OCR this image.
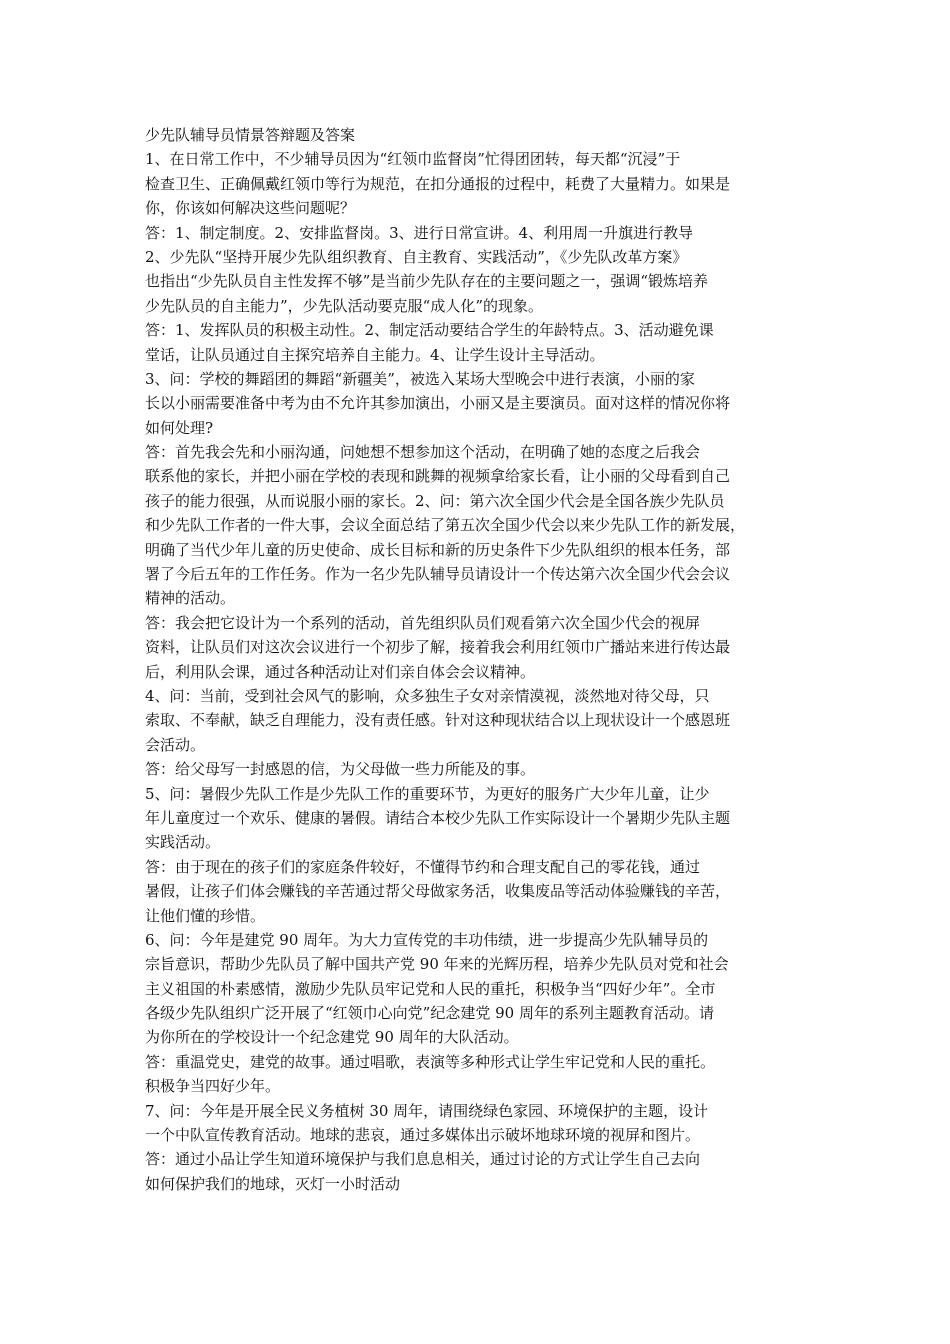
少先队辅导员情景答辩题及答案
1、在日常工作中，不少辅导员因为“红领巾监督岗”忙得团团转，每天都“沉浸”于
检查卫生、正确佩戴红领巾等行为规范，在扣分通报的过程中，耗费了大量精力。如果是
你，你该如何解决这些问题呢？
答：1、制定制度。2、安排监督岗。3、进行日常宣讲。4、利用周一升旗进行教导
2、少先队“坚持开展少先队组织教育、自主教育、实践活动”，《少先队改革方案》
也指出“少先队员自主性发挥不够”是当前少先队存在的主要问题之一，强调“锻炼培养
少先队员的自主能力”，少先队活动要克服“成人化”的现象。
答：1、发挥队员的积极主动性。2、制定活动要结合学生的年龄特点。3、活动避免课
堂话，让队员通过自主探究培养自主能力。4、让学生设计主导活动。
3、问：学校的舞蹈团的舞蹈“新疆美”，被选入某场大型晚会中进行表演，小丽的家
长以小丽需要准备中考为由不允许其参加演出，小丽又是主要演员。面对这样的情况你将
如何处理?
答：首先我会先和小丽沟通，问她想不想参加这个活动，在明确了她的态度之后我会
联系他的家长，并把小丽在学校的表现和跳舞的视频拿给家长看，让小丽的父母看到自己
孩子的能力很强，从而说服小丽的家长。2、问：第六次全国少代会是全国各族少先队员
和少先队工作者的一件大事，会议全面总结了第五次全国少代会以来少先队工作的新发展，
明确了当代少年儿童的历史使命、成长目标和新的历史条件下少先队组织的根本任务，部
署了今后五年的工作任务。作为一名少先队辅导员请设计一个传达第六次全国少代会会议
精神的活动。
答：我会把它设计为一个系列的活动，首先组织队员们观看第六次全国少代会的视屏
资料，让队员们对这次会议进行一个初步了解，接着我会利用红领巾广播站来进行传达最
后，利用队会课，通过各种活动让对们亲自体会会议精神。
4、问：当前，受到社会风气的影响，众多独生子女对亲情漠视，淡然地对待父母，只
索取、不奉献，缺乏自理能力，没有责任感。针对这种现状结合以上现状设计一个感恩班
会活动。
答：给父母写一封感恩的信，为父母做一些力所能及的事。
5、问：暑假少先队工作是少先队工作的重要环节，为更好的服务广大少年儿童，让少
年儿童度过一个欢乐、健康的暑假。请结合本校少先队工作实际设计一个暑期少先队主题
实践活动。
答：由于现在的孩子们的家庭条件较好，不懂得节约和合理支配自己的零花钱，通过
暑假，让孩子们体会赚钱的辛苦通过帮父母做家务活，收集废品等活动体验赚钱的辛苦，
让他们懂的珍惜。
6、问：今年是建党 90 周年。为大力宣传党的丰功伟绩，进一步提高少先队辅导员的
宗旨意识，帮助少先队员了解中国共产党 90 年来的光辉历程，培养少先队员对党和社会
主义祖国的朴素感情，激励少先队员牢记党和人民的重托，积极争当“四好少年”。全市
各级少先队组织广泛开展了“红领巾心向党”纪念建党 90 周年的系列主题教育活动。请
为你所在的学校设计一个纪念建党 90 周年的大队活动。
答：重温党史，建党的故事。通过唱歌，表演等多种形式让学生牢记党和人民的重托。
积极争当四好少年。
7、问：今年是开展全民义务植树 30 周年，请围绕绿色家园、环境保护的主题，设计
一个中队宣传教育活动。地球的悲哀，通过多媒体出示破坏地球环境的视屏和图片。
答：通过小品让学生知道环境保护与我们息息相关，通过讨论的方式让学生自己去向
如何保护我们的地球，灭灯一小时活动
